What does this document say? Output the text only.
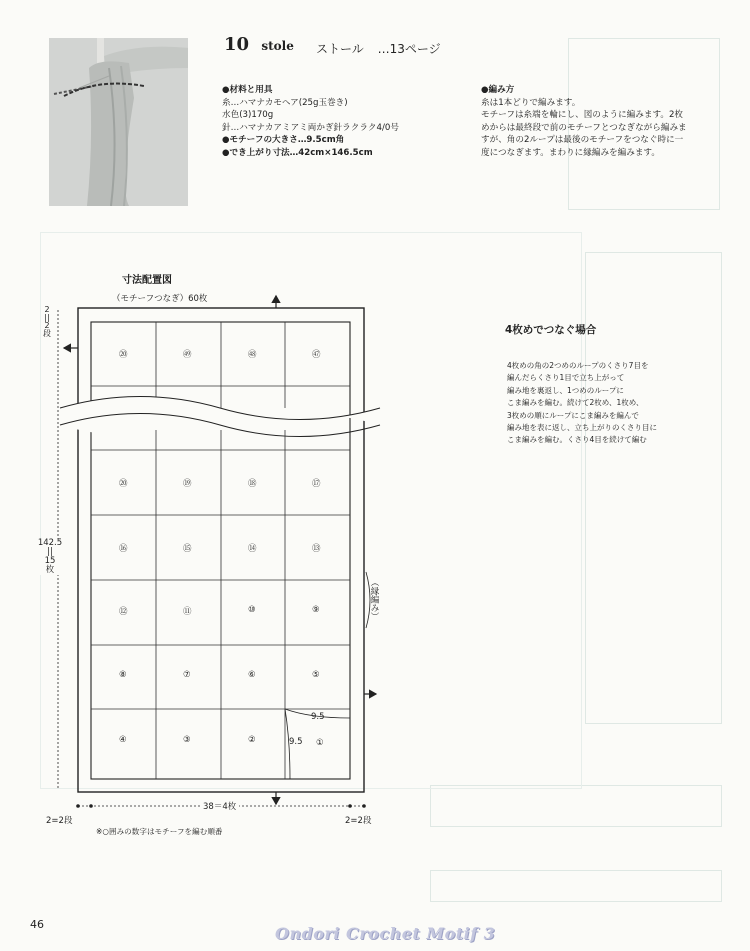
10 stole ストール …13ページ
●材料と用具
糸…ハマナカモヘア(25g玉巻き)
水色(3)170g
針…ハマナカアミアミ両かぎ針ラクラク4/0号
●モチーフの大きさ…9.5cm角
●でき上がり寸法…42cm×146.5cm
●編み方
糸は1本どりで編みます。
モチーフは糸端を輪にし、図のように編みます。2枚
めからは最終段で前のモチーフとつなぎながら編みま
すが、角の2ループは最後のモチーフをつなぐ時に一
度につなぎます。まわりに縁編みを編みます。
4枚めでつなぐ場合
4枚めの角の2つめのループのくさり7目を
編んだらくさり1目で立ち上がって
編み地を裏返し、1つめのループに
こま編みを編む。続けて2枚め、1枚め、
3枚めの順にループにこま編みを編んで
編み地を表に返し、立ち上がりのくさり目に
こま編みを編む。くさり4目を続けて編む
寸法配置図
（モチーフつなぎ）60枚
⑳	㊾	㊽	㊼
⑳	⑲	⑱	⑰
⑯	⑮	⑭	⑬
⑫	⑪	⑩	⑨
⑧	⑦	⑥	⑤
④	③	②	①
2
||
2
段
142.5
||
15
枚
（縁編み）
9.5
9.5
38＝4枚
2=2段	2=2段
※○囲みの数字はモチーフを編む順番
46	Ondori Crochet Motif 3
